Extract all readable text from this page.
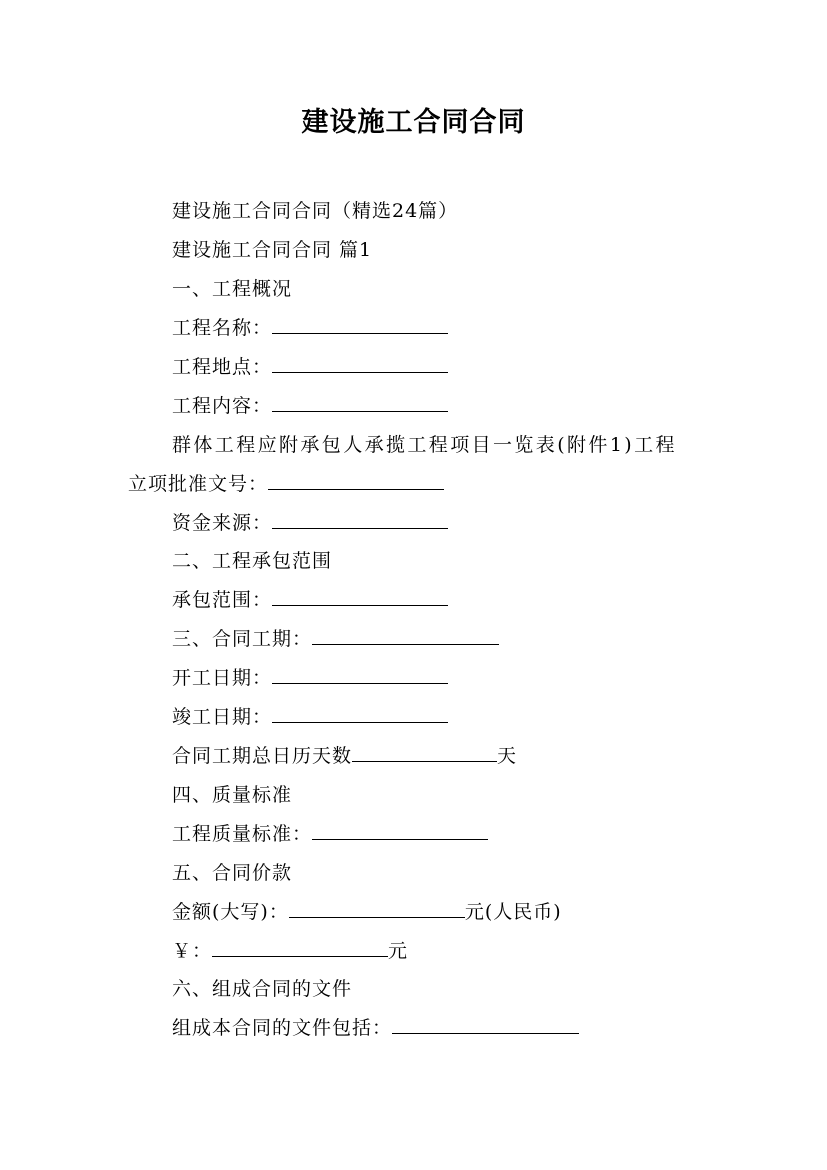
建设施工合同合同
建设施工合同合同（精选24篇）
建设施工合同合同 篇1
一、工程概况
工程名称：
工程地点：
工程内容：
群体工程应附承包人承揽工程项目一览表(附件1)工程
立项批准文号：
资金来源：
二、工程承包范围
承包范围：
三、合同工期：
开工日期：
竣工日期：
合同工期总日历天数	天
四、质量标准
工程质量标准：
五、合同价款
金额(大写)：	元(人民币)
￥：	元
六、组成合同的文件
组成本合同的文件包括：
